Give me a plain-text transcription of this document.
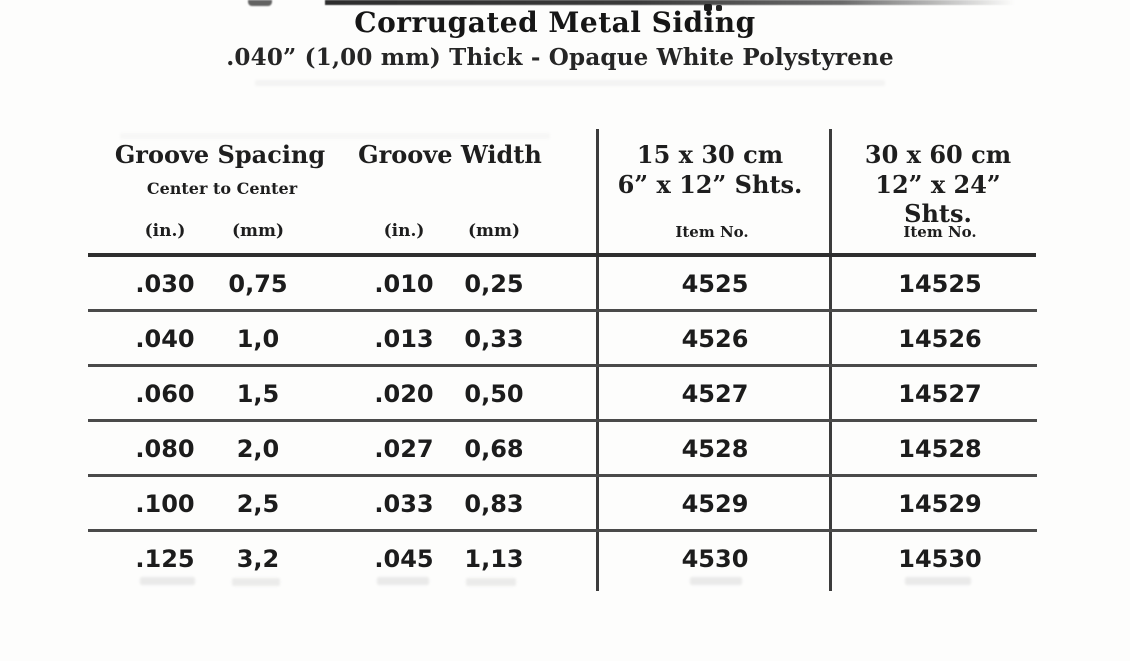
Corrugated Metal Siding
.040” (1,00 mm) Thick - Opaque White Polystyrene
Groove Spacing	Groove Width
Center to Center
(in.)	(mm)	(in.)	(mm)
15 x 30 cm
6” x 12” Shts.
Item No.
30 x 60 cm
12” x 24” Shts.
Item No.
.030	0,75	.010	0,25	4525	14525
.040	1,0	.013	0,33	4526	14526
.060	1,5	.020	0,50	4527	14527
.080	2,0	.027	0,68	4528	14528
.100	2,5	.033	0,83	4529	14529
.125	3,2	.045	1,13	4530	14530
